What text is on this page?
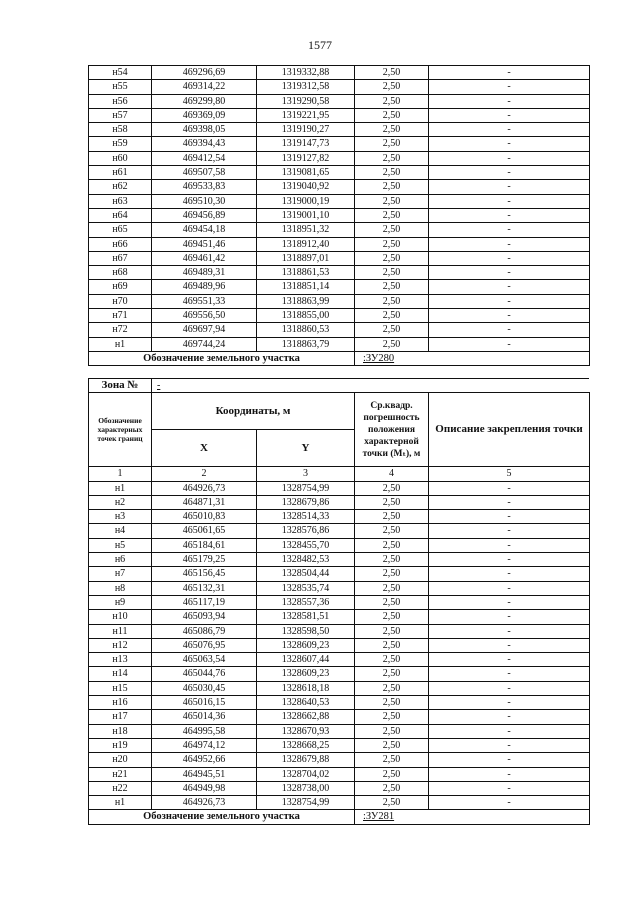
1577
н54	469296,69	1319332,88	2,50	-
н55	469314,22	1319312,58	2,50	-
н56	469299,80	1319290,58	2,50	-
н57	469369,09	1319221,95	2,50	-
н58	469398,05	1319190,27	2,50	-
н59	469394,43	1319147,73	2,50	-
н60	469412,54	1319127,82	2,50	-
н61	469507,58	1319081,65	2,50	-
н62	469533,83	1319040,92	2,50	-
н63	469510,30	1319000,19	2,50	-
н64	469456,89	1319001,10	2,50	-
н65	469454,18	1318951,32	2,50	-
н66	469451,46	1318912,40	2,50	-
н67	469461,42	1318897,01	2,50	-
н68	469489,31	1318861,53	2,50	-
н69	469489,96	1318851,14	2,50	-
н70	469551,33	1318863,99	2,50	-
н71	469556,50	1318855,00	2,50	-
н72	469697,94	1318860,53	2,50	-
н1	469744,24	1318863,79	2,50	-
Обозначение земельного участка			:ЗУ280	
Зона №	-			
Обозначение характерных точек границ	Координаты, м		Ср.квадр. погрешность положения характерной точки (Mₜ), м	Описание закрепления точки
	X	Y		
1	2	3	4	5
н1	464926,73	1328754,99	2,50	-
н2	464871,31	1328679,86	2,50	-
н3	465010,83	1328514,33	2,50	-
н4	465061,65	1328576,86	2,50	-
н5	465184,61	1328455,70	2,50	-
н6	465179,25	1328482,53	2,50	-
н7	465156,45	1328504,44	2,50	-
н8	465132,31	1328535,74	2,50	-
н9	465117,19	1328557,36	2,50	-
н10	465093,94	1328581,51	2,50	-
н11	465086,79	1328598,50	2,50	-
н12	465076,95	1328609,23	2,50	-
н13	465063,54	1328607,44	2,50	-
н14	465044,76	1328609,23	2,50	-
н15	465030,45	1328618,18	2,50	-
н16	465016,15	1328640,53	2,50	-
н17	465014,36	1328662,88	2,50	-
н18	464995,58	1328670,93	2,50	-
н19	464974,12	1328668,25	2,50	-
н20	464952,66	1328679,88	2,50	-
н21	464945,51	1328704,02	2,50	-
н22	464949,98	1328738,00	2,50	-
н1	464926,73	1328754,99	2,50	-
Обозначение земельного участка			:ЗУ281	
